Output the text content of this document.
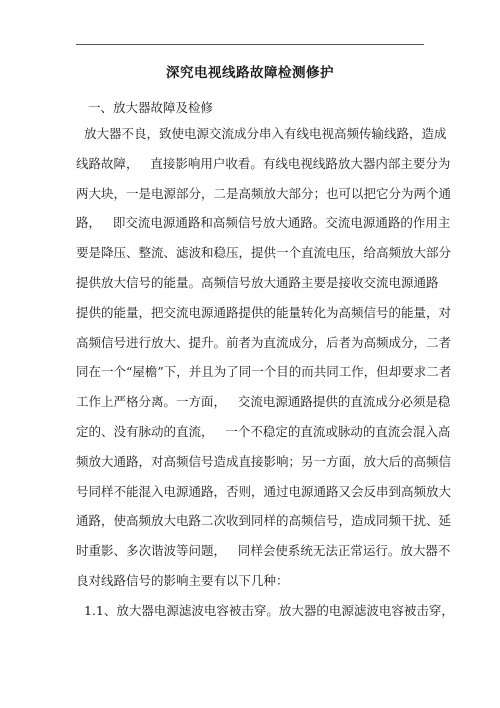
深究电视线路故障检测修护
一、放大器故障及检修
放大器不良，致使电源交流成分串入有线电视高频传输线路，造成
线路故障，   直接影响用户收看。有线电视线路放大器内部主要分为
两大块，一是电源部分，二是高频放大部分；也可以把它分为两个通
路，   即交流电源通路和高频信号放大通路。交流电源通路的作用主
要是降压、整流、滤波和稳压，提供一个直流电压，给高频放大部分
提供放大信号的能量。高频信号放大通路主要是接收交流电源通路
提供的能量，把交流电源通路提供的能量转化为高频信号的能量，对
高频信号进行放大、提升。前者为直流成分，后者为高频成分，二者
同在一个“屋檐”下，并且为了同一个目的而共同工作，但却要求二者
工作上严格分离。一方面，   交流电源通路提供的直流成分必须是稳
定的、没有脉动的直流，   一个不稳定的直流或脉动的直流会混入高
频放大通路，对高频信号造成直接影响；另一方面，放大后的高频信
号同样不能混入电源通路，否则，通过电源通路又会反串到高频放大
通路，使高频放大电路二次收到同样的高频信号，造成同频干扰、延
时重影、多次谐波等问题，   同样会使系统无法正常运行。放大器不
良对线路信号的影响主要有以下几种：
1.1、放大器电源滤波电容被击穿。放大器的电源滤波电容被击穿，
